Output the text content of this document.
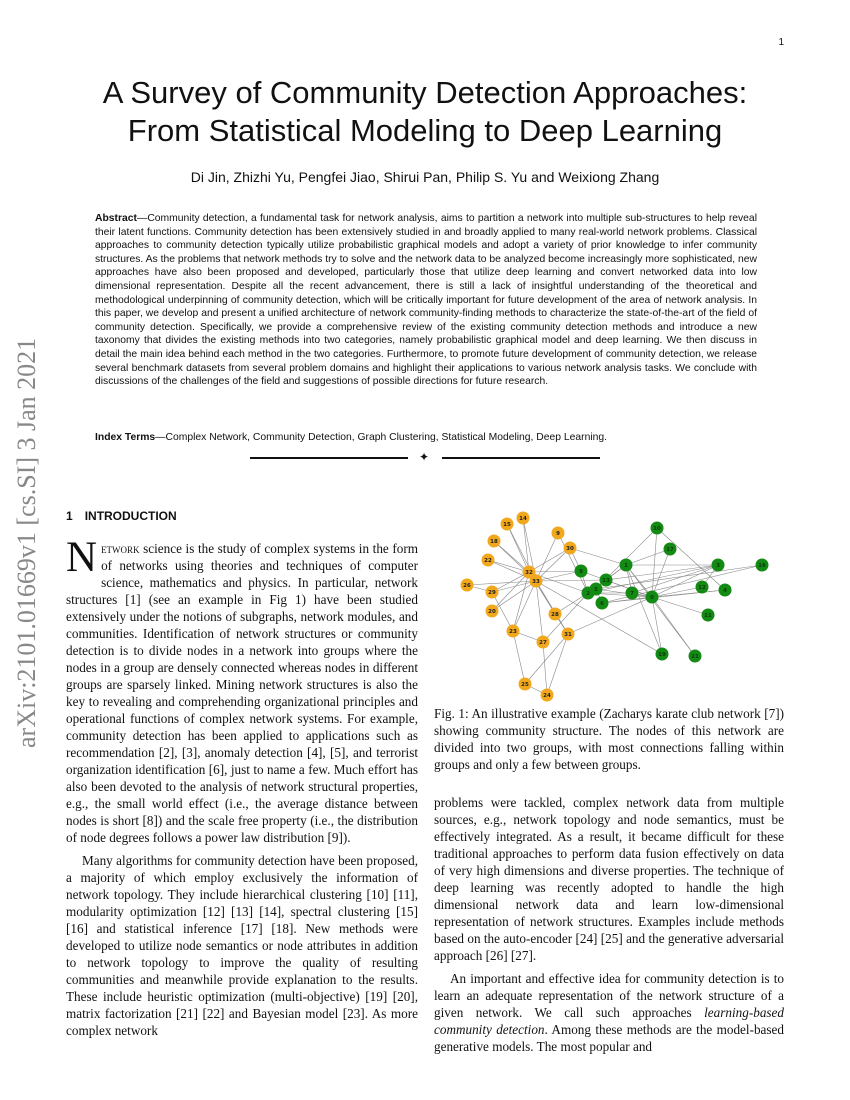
1
arXiv:2101.01669v1 [cs.SI] 3 Jan 2021
A Survey of Community Detection Approaches:
From Statistical Modeling to Deep Learning
Di Jin, Zhizhi Yu, Pengfei Jiao, Shirui Pan, Philip S. Yu and Weixiong Zhang
Abstract—Community detection, a fundamental task for network analysis, aims to partition a network into multiple sub-structures to help reveal their latent functions. Community detection has been extensively studied in and broadly applied to many real-world network problems. Classical approaches to community detection typically utilize probabilistic graphical models and adopt a variety of prior knowledge to infer community structures. As the problems that network methods try to solve and the network data to be analyzed become increasingly more sophisticated, new approaches have also been proposed and developed, particularly those that utilize deep learning and convert networked data into low dimensional representation. Despite all the recent advancement, there is still a lack of insightful understanding of the theoretical and methodological underpinning of community detection, which will be critically important for future development of the area of network analysis. In this paper, we develop and present a unified architecture of network community-finding methods to characterize the state-of-the-art of the field of community detection. Specifically, we provide a comprehensive review of the existing community detection methods and introduce a new taxonomy that divides the existing methods into two categories, namely probabilistic graphical model and deep learning. We then discuss in detail the main idea behind each method in the two categories. Furthermore, to promote future development of community detection, we release several benchmark datasets from several problem domains and highlight their applications to various network analysis tasks. We conclude with discussions of the challenges of the field and suggestions of possible directions for future research.
Index Terms—Complex Network, Community Detection, Graph Clustering, Statistical Modeling, Deep Learning.
✦
1 INTRODUCTION

Network science is the study of complex systems in the form of networks using theories and techniques of computer science, mathematics and physics. In particular, network structures [1] (see an example in Fig 1) have been studied extensively under the notions of subgraphs, network modules, and communities. Identification of network structures or community detection is to divide nodes in a network into groups where the nodes in a group are densely connected whereas nodes in different groups are sparsely linked. Mining network structures is also the key to revealing and comprehending organizational principles and operational functions of complex network systems. For example, community detection has been applied to applications such as recommendation [2], [3], anomaly detection [4], [5], and terrorist organization identification [6], just to name a few. Much effort has also been devoted to the analysis of network structural properties, e.g., the small world effect (i.e., the average distance between nodes is short [8]) and the scale free property (i.e., the distribution of node degrees follows a power law distribution [9]).

Many algorithms for community detection have been proposed, a majority of which employ exclusively the information of network topology. They include hierarchical clustering [10] [11], modularity optimization [12] [13] [14], spectral clustering [15] [16] and statistical inference [17] [18]. New methods were developed to utilize node semantics or node attributes in addition to network topology to improve the quality of resulting communities and meanwhile provide explanation to the results. These include heuristic optimization (multi-objective) [19] [20], matrix factorization [21] [22] and Bayesian model [23]. As more complex network

15
14
9
18
30
22
32
33
26
29
20	28
31
23
27
25
24
10
17
16
3
8
13
1
5
2	4
12
7
6
0
11
19	21
Fig. 1: An illustrative example (Zacharys karate club network [7]) showing community structure. The nodes of this network are divided into two groups, with most connections falling within groups and only a few between groups.

problems were tackled, complex network data from multiple sources, e.g., network topology and node semantics, must be effectively integrated. As a result, it became difficult for these traditional approaches to perform data fusion effectively on data of very high dimensions and diverse properties. The technique of deep learning was recently adopted to handle the high dimensional network data and learn low-dimensional representation of network structures. Examples include methods based on the auto-encoder [24] [25] and the generative adversarial approach [26] [27].

An important and effective idea for community detection is to learn an adequate representation of the network structure of a given network. We call such approaches learning-based community detection. Among these methods are the model-based generative models. The most popular and
